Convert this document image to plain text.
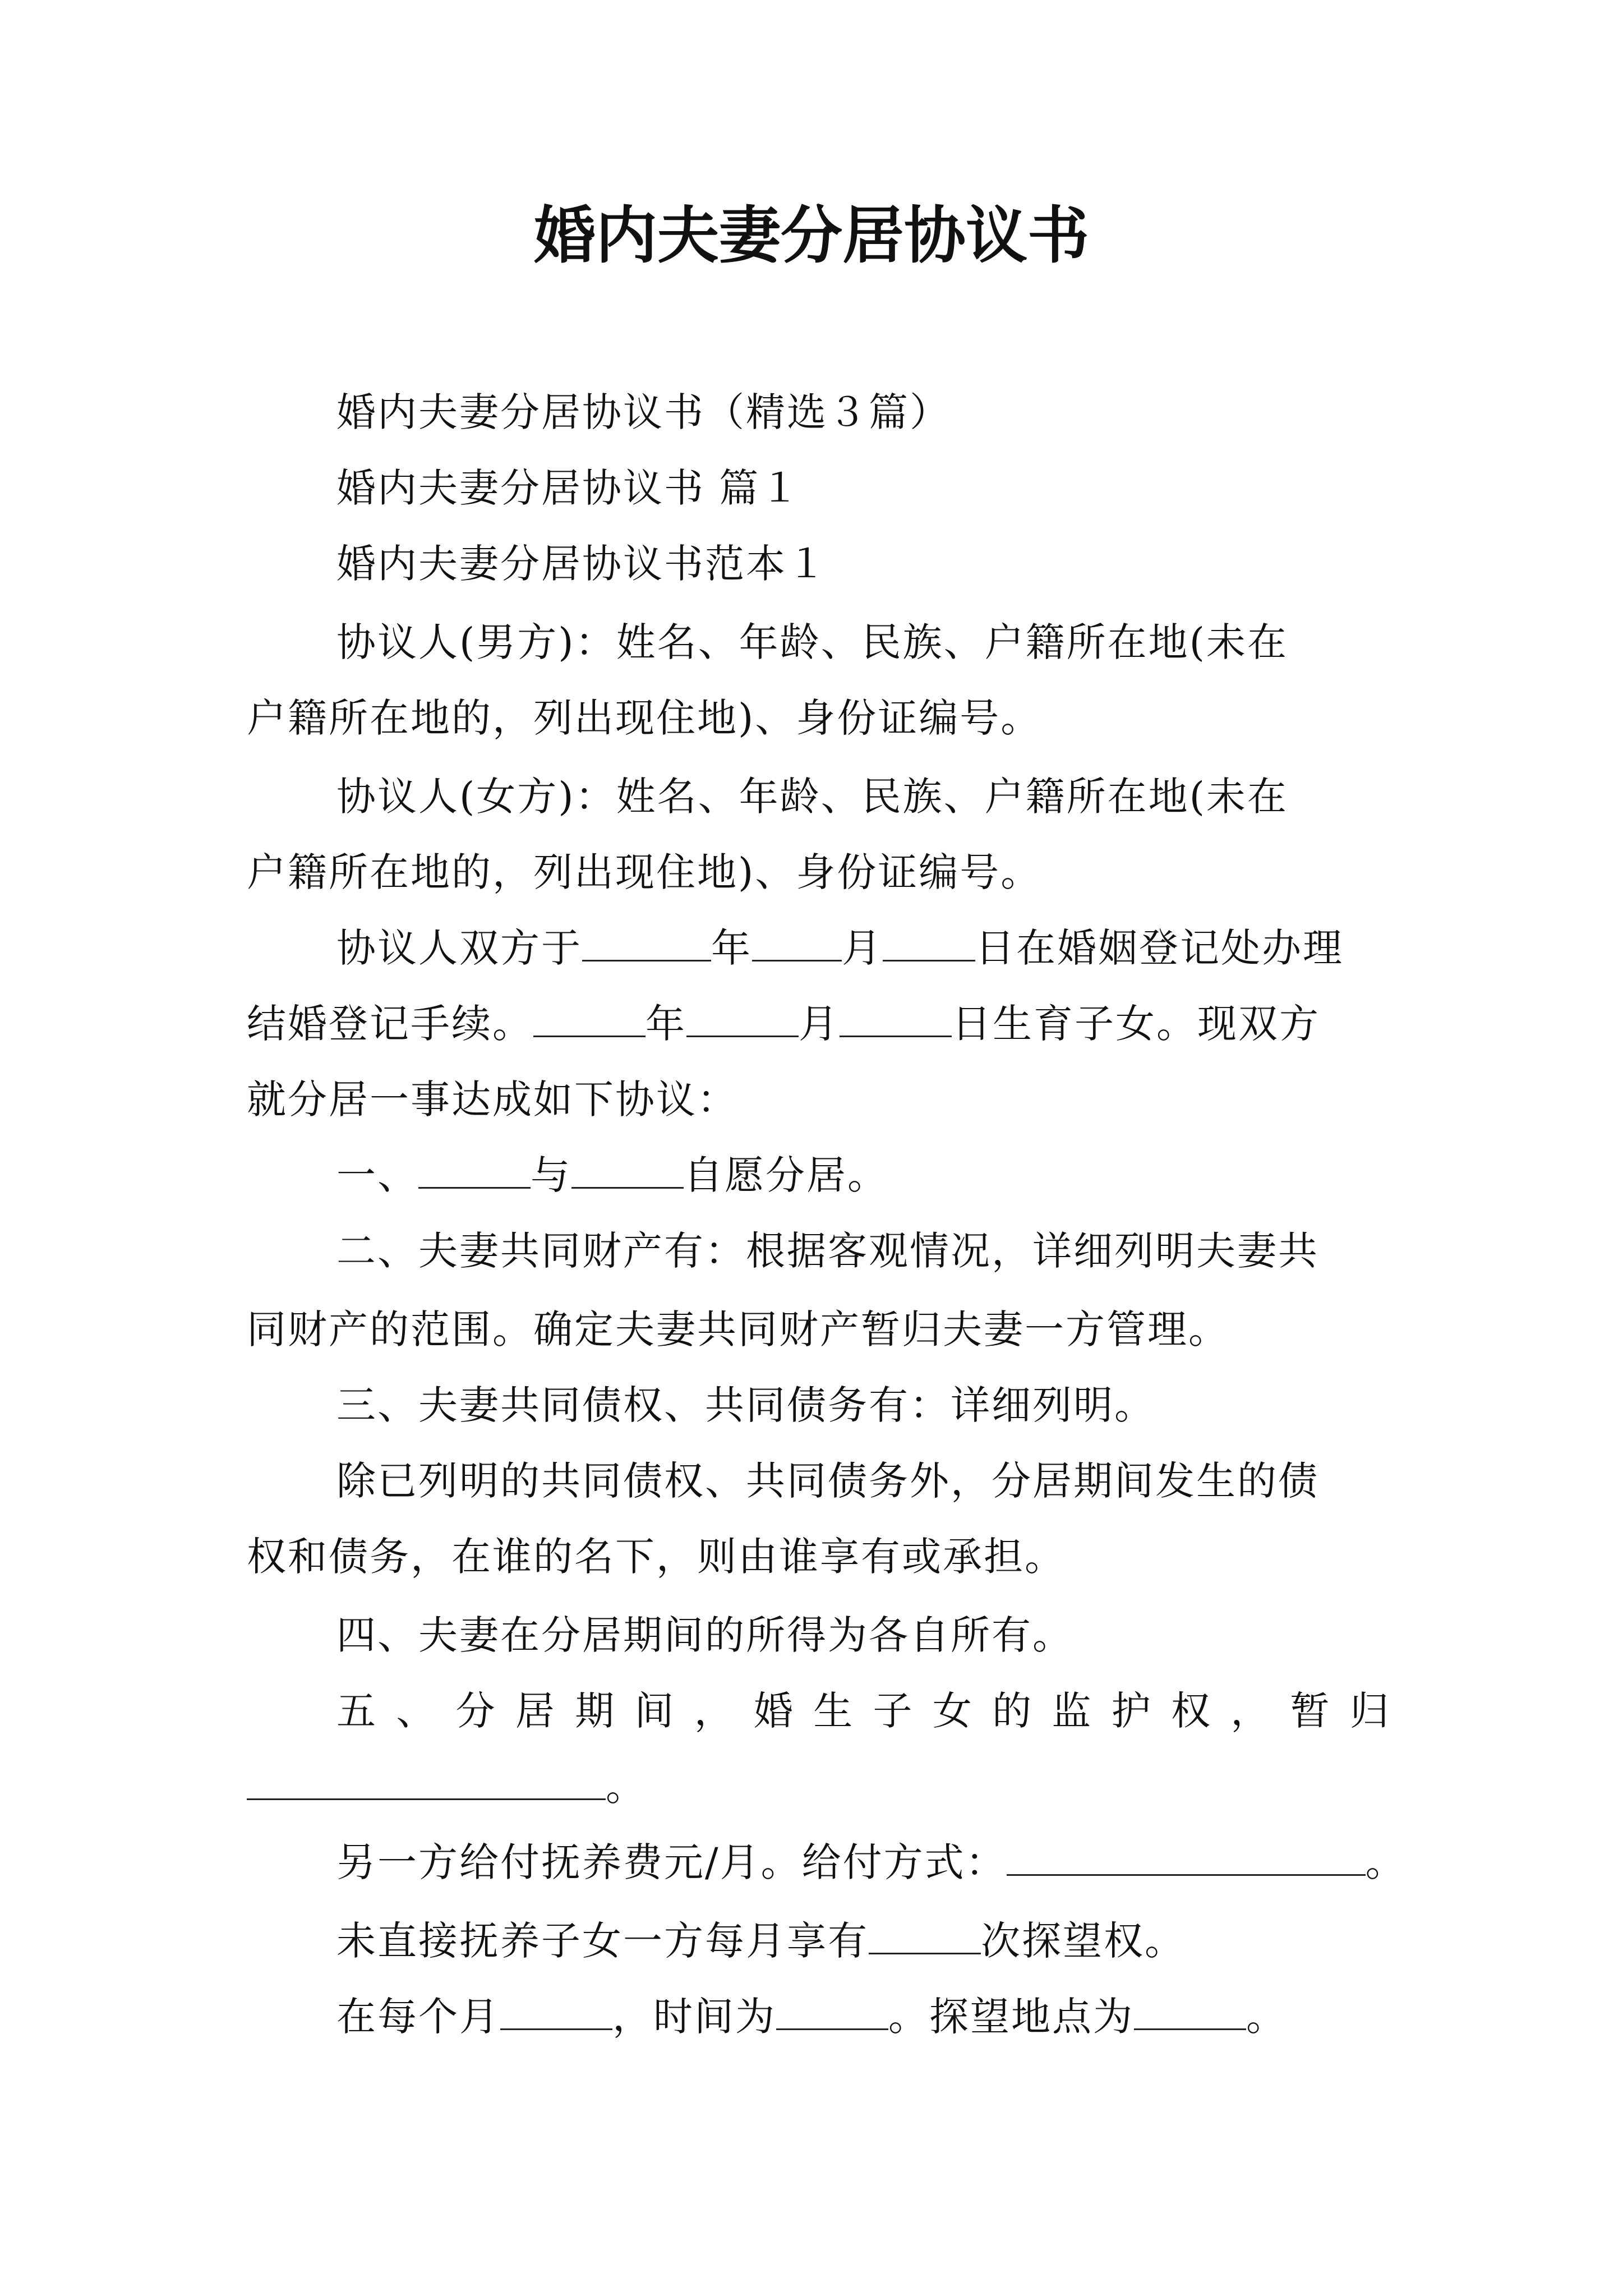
婚内夫妻分居协议书
婚内夫妻分居协议书（精选３篇）
婚内夫妻分居协议书 篇１
婚内夫妻分居协议书范本１
协议人(男方)：姓名、年龄、民族、户籍所在地(未在
户籍所在地的，列出现住地)、身份证编号。
协议人(女方)：姓名、年龄、民族、户籍所在地(未在
户籍所在地的，列出现住地)、身份证编号。
协议人双方于	年 月 日在婚姻登记处办理
结婚登记手续。	年	月	日生育子女。现双方
就分居一事达成如下协议：
一、	与	自愿分居。
二、夫妻共同财产有：根据客观情况，详细列明夫妻共
同财产的范围。确定夫妻共同财产暂归夫妻一方管理。
三、夫妻共同债权、共同债务有：详细列明。
除已列明的共同债权、共同债务外，分居期间发生的债
权和债务，在谁的名下，则由谁享有或承担。
四、夫妻在分居期间的所得为各自所有。
五 、 分 居 期 间 ， 婚 生 子 女 的 监 护 权 ， 暂 归
。
另一方给付抚养费元/月。给付方式：	。
未直接抚养子女一方每月享有	次探望权。
在每个月	，时间为	。探望地点为	。
